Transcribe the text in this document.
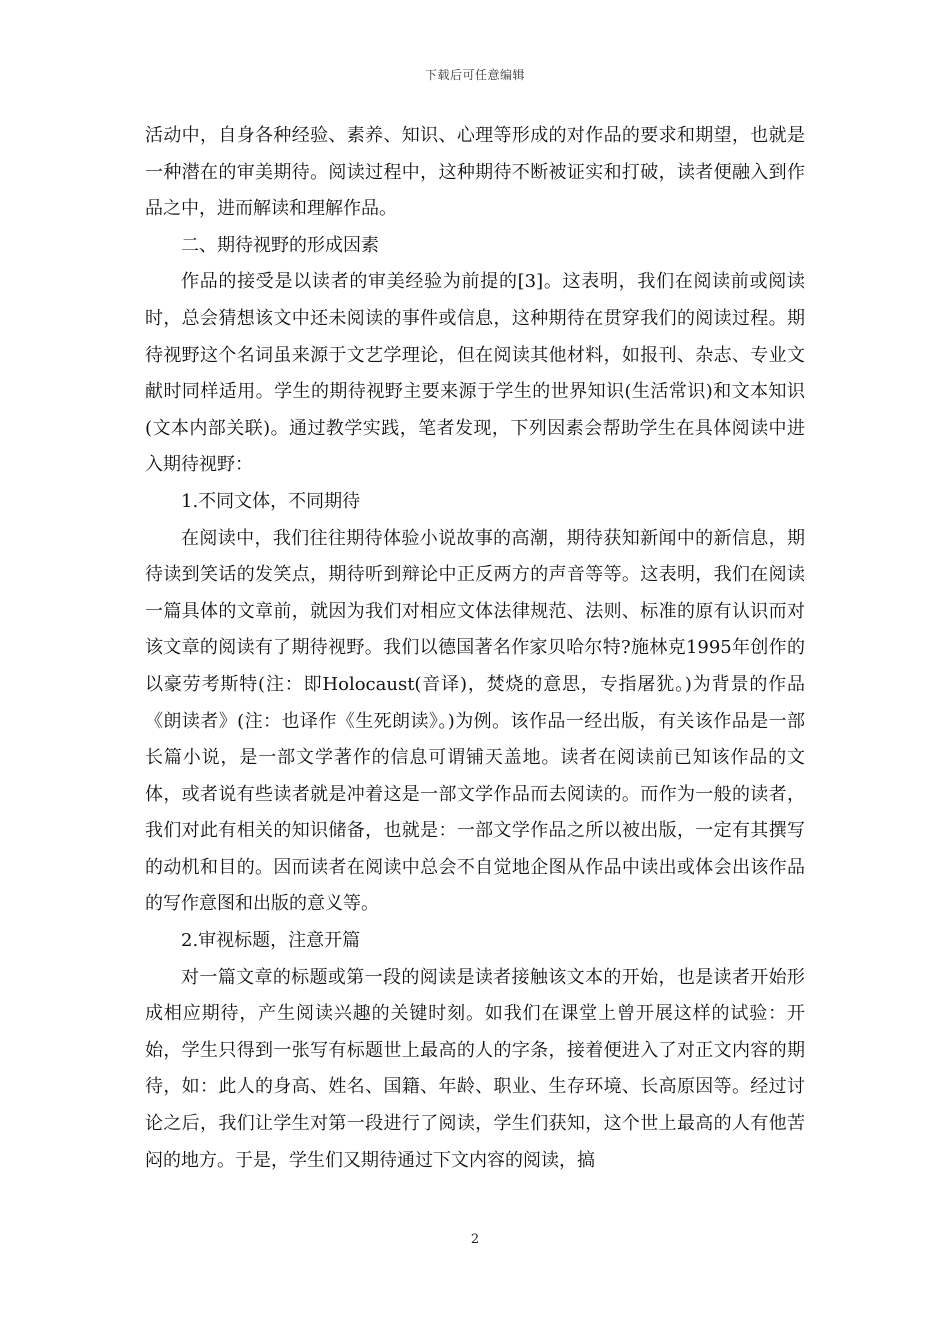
下载后可任意编辑

活动中，自身各种经验、素养、知识、心理等形成的对作品的要求和期望，也就是一种潜在的审美期待。阅读过程中，这种期待不断被证实和打破，读者便融入到作品之中，进而解读和理解作品。

二、期待视野的形成因素

作品的接受是以读者的审美经验为前提的[3]。这表明，我们在阅读前或阅读时，总会猜想该文中还未阅读的事件或信息，这种期待在贯穿我们的阅读过程。期待视野这个名词虽来源于文艺学理论，但在阅读其他材料，如报刊、杂志、专业文献时同样适用。学生的期待视野主要来源于学生的世界知识(生活常识)和文本知识(文本内部关联)。通过教学实践，笔者发现，下列因素会帮助学生在具体阅读中进入期待视野：

1.不同文体，不同期待

在阅读中，我们往往期待体验小说故事的高潮，期待获知新闻中的新信息，期待读到笑话的发笑点，期待听到辩论中正反两方的声音等等。这表明，我们在阅读一篇具体的文章前，就因为我们对相应文体法律规范、法则、标准的原有认识而对该文章的阅读有了期待视野。我们以德国著名作家贝哈尔特?施林克1995年创作的以豪劳考斯特(注：即Holocaust(音译)，焚烧的意思，专指屠犹。)为背景的作品《朗读者》(注：也译作《生死朗读》。)为例。该作品一经出版，有关该作品是一部长篇小说，是一部文学著作的信息可谓铺天盖地。读者在阅读前已知该作品的文体，或者说有些读者就是冲着这是一部文学作品而去阅读的。而作为一般的读者，我们对此有相关的知识储备，也就是：一部文学作品之所以被出版，一定有其撰写的动机和目的。因而读者在阅读中总会不自觉地企图从作品中读出或体会出该作品的写作意图和出版的意义等。

2.审视标题，注意开篇

对一篇文章的标题或第一段的阅读是读者接触该文本的开始，也是读者开始形成相应期待，产生阅读兴趣的关键时刻。如我们在课堂上曾开展这样的试验：开始，学生只得到一张写有标题世上最高的人的字条，接着便进入了对正文内容的期待，如：此人的身高、姓名、国籍、年龄、职业、生存环境、长高原因等。经过讨论之后，我们让学生对第一段进行了阅读，学生们获知，这个世上最高的人有他苦闷的地方。于是，学生们又期待通过下文内容的阅读，搞

2
